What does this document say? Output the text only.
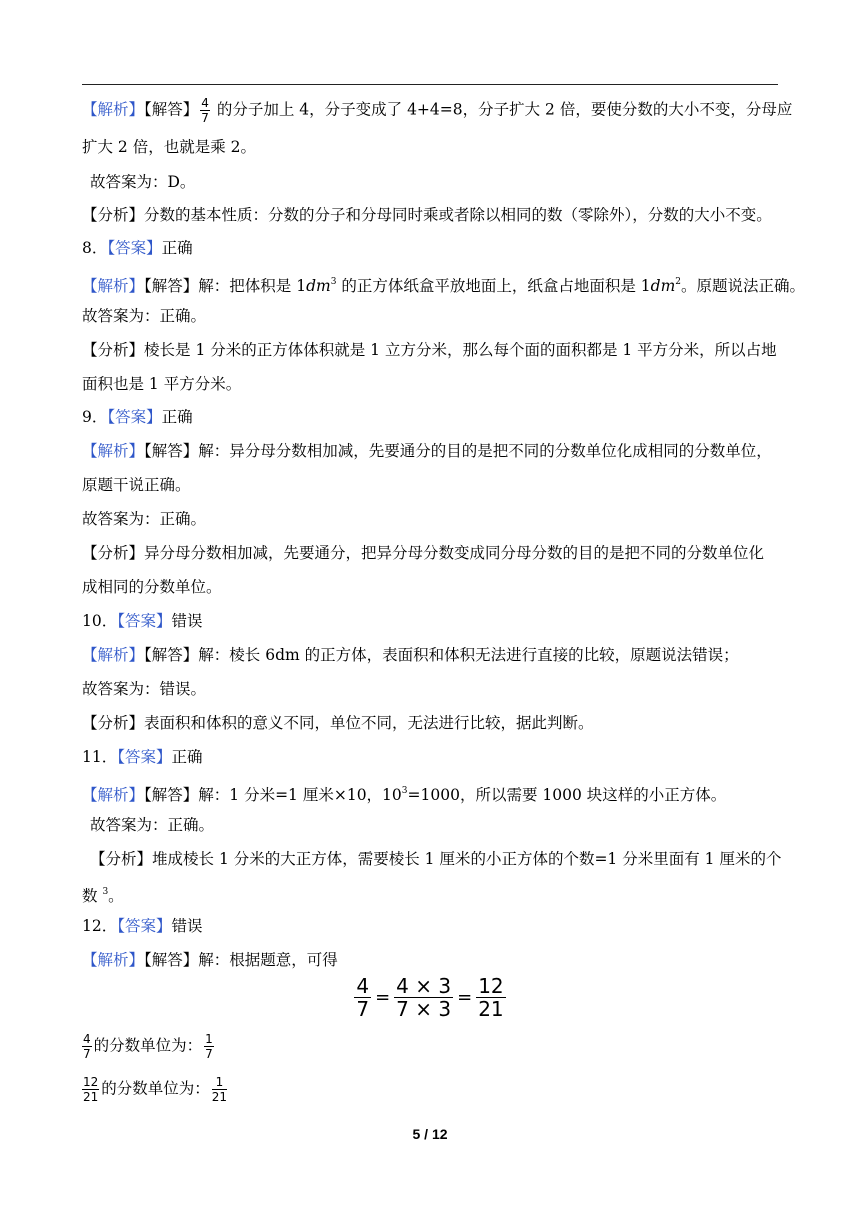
【解析】【解答】 $\frac{4}{7}$ 的分子加上 4，分子变成了 4+4=8，分子扩大 2 倍，要使分数的大小不变，分母应
扩大 2 倍，也就是乘 2。
故答案为：D。
【分析】分数的基本性质：分数的分子和分母同时乘或者除以相同的数（零除外），分数的大小不变。
8．【答案】正确
【解析】【解答】解：把体积是 $1dm^3$ 的正方体纸盒平放地面上，纸盒占地面积是 $1dm^2$。原题说法正确。
故答案为：正确。
【分析】棱长是 1 分米的正方体体积就是 1 立方分米，那么每个面的面积都是 1 平方分米，所以占地
面积也是 1 平方分米。
9．【答案】正确
【解析】【解答】解：异分母分数相加减，先要通分的目的是把不同的分数单位化成相同的分数单位，
原题干说正确。
故答案为：正确。
【分析】异分母分数相加减，先要通分，把异分母分数变成同分母分数的目的是把不同的分数单位化
成相同的分数单位。
10．【答案】错误
【解析】【解答】解：棱长 6dm 的正方体，表面积和体积无法进行直接的比较，原题说法错误；
故答案为：错误。
【分析】表面积和体积的意义不同，单位不同，无法进行比较，据此判断。
11．【答案】正确
【解析】【解答】解：1 分米=1 厘米×10，$10^3=1000$，所以需要 1000 块这样的小正方体。
故答案为：正确。
【分析】堆成棱长 1 分米的大正方体，需要棱长 1 厘米的小正方体的个数=1 分米里面有 1 厘米的个
数 $^3$。
12．【答案】错误
【解析】【解答】解：根据题意，可得
$\frac{4}{7} = \frac{4 \times 3}{7 \times 3} = \frac{12}{21}$
$\frac{4}{7}$ 的分数单位为： $\frac{1}{7}$
$\frac{12}{21}$ 的分数单位为： $\frac{1}{21}$
5 / 12
